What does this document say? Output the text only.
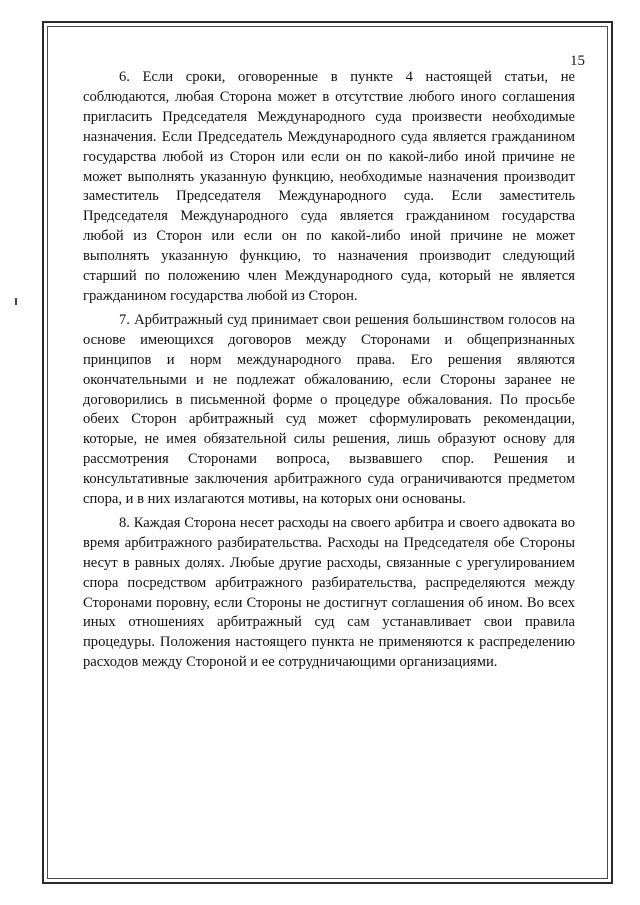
15

6. Если сроки, оговоренные в пункте 4 настоящей статьи, не соблюдаются, любая Сторона может в отсутствие любого иного соглашения пригласить Председателя Международного суда произвести необходимые назначения. Если Председатель Международного суда является гражданином государства любой из Сторон или если он по какой-либо иной причине не может выполнять указанную функцию, необходимые назначения производит заместитель Председателя Международного суда. Если заместитель Председателя Международного суда является гражданином государства любой из Сторон или если он по какой-либо иной причине не может выполнять указанную функцию, то назначения производит следующий старший по положению член Международного суда, который не является гражданином государства любой из Сторон.

7. Арбитражный суд принимает свои решения большинством голосов на основе имеющихся договоров между Сторонами и общепризнанных принципов и норм международного права. Его решения являются окончательными и не подлежат обжалованию, если Стороны заранее не договорились в письменной форме о процедуре обжалования. По просьбе обеих Сторон арбитражный суд может сформулировать рекомендации, которые, не имея обязательной силы решения, лишь образуют основу для рассмотрения Сторонами вопроса, вызвавшего спор. Решения и консультативные заключения арбитражного суда ограничиваются предметом спора, и в них излагаются мотивы, на которых они основаны.

8. Каждая Сторона несет расходы на своего арбитра и своего адвоката во время арбитражного разбирательства. Расходы на Председателя обе Стороны несут в равных долях. Любые другие расходы, связанные с урегулированием спора посредством арбитражного разбирательства, распределяются между Сторонами поровну, если Стороны не достигнут соглашения об ином. Во всех иных отношениях арбитражный суд сам устанавливает свои правила процедуры. Положения настоящего пункта не применяются к распределению расходов между Стороной и ее сотрудничающими организациями.
